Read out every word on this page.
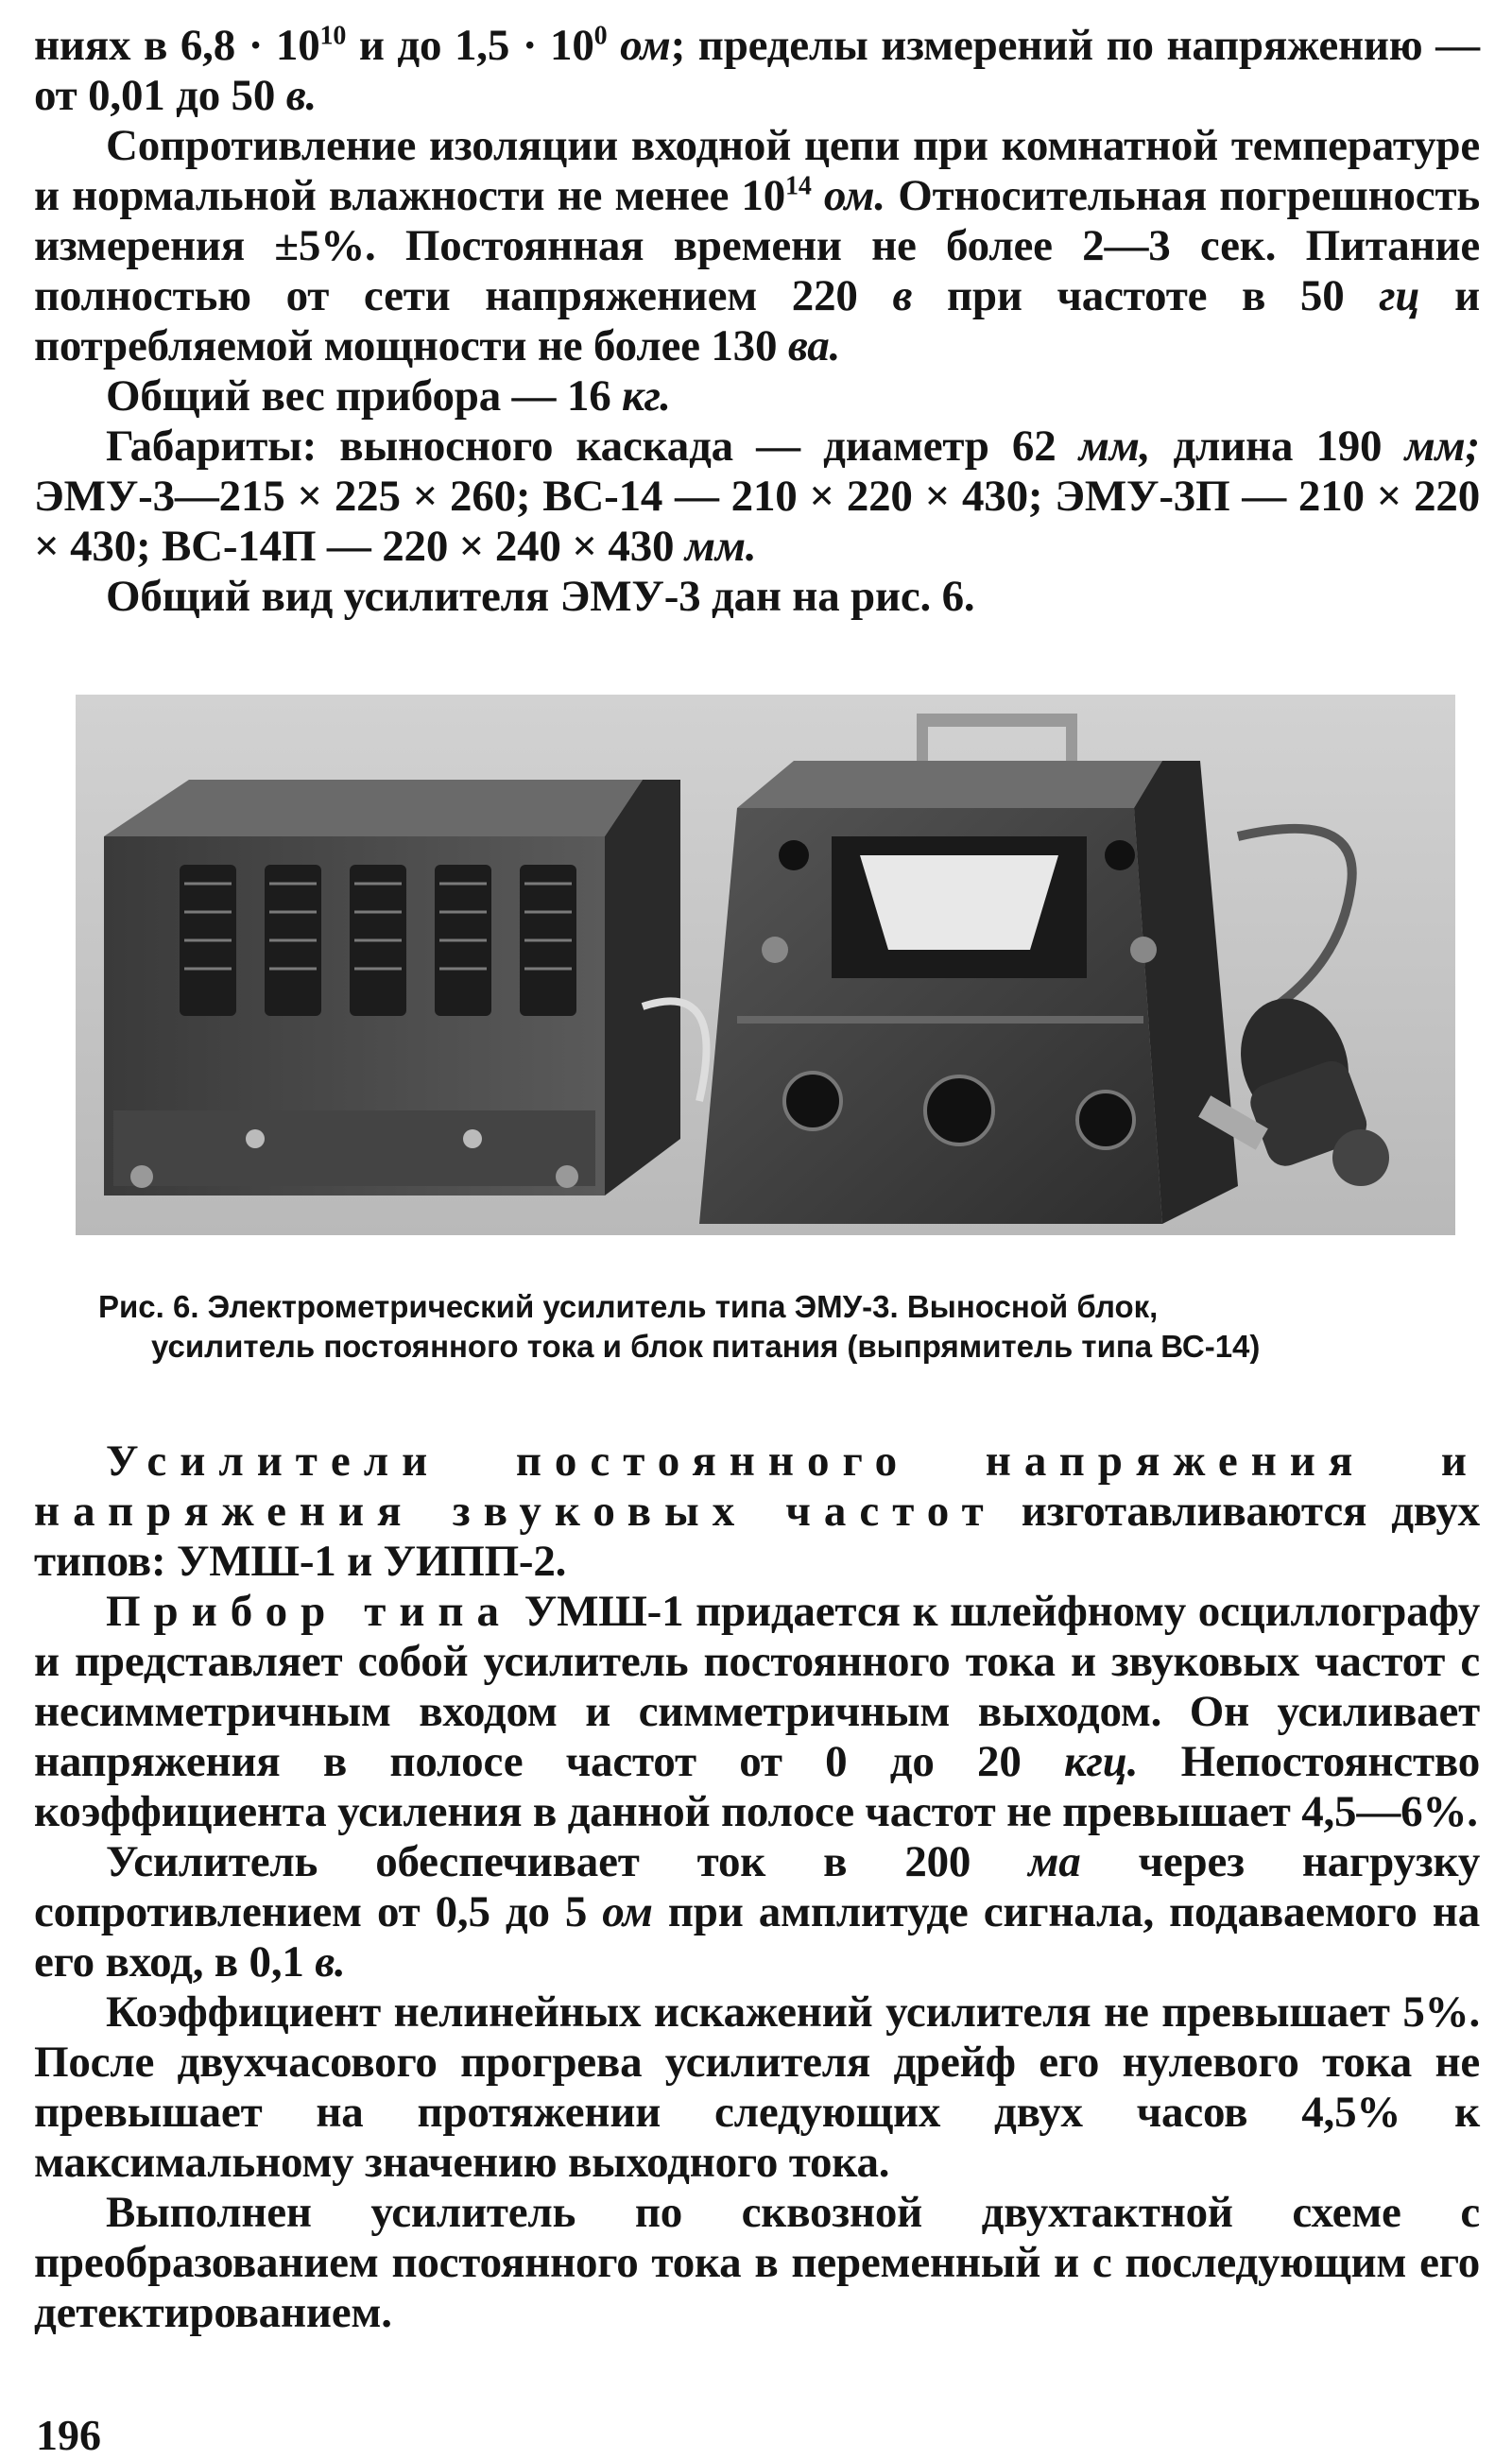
ниях в $6,8 \cdot 10^{10}$ и до $1,5 \cdot 10^0$ ом; пределы измерений по напряжению — от 0,01 до 50 в.

Сопротивление изоляции входной цепи при комнатной температуре и нормальной влажности не менее $10^{14}$ ом. Относительная погрешность измерения ±5%. Постоянная времени не более 2—3 сек. Питание полностью от сети напряжением 220 в при частоте в 50 гц и потребляемой мощности не более 130 ва.

Общий вес прибора — 16 кг.

Габариты: выносного каскада — диаметр 62 мм, длина 190 мм; ЭМУ-3—215 × 225 × 260; ВС-14 — 210 × 220 × 430; ЭМУ-3П — 210 × 220 × 430; ВС-14П — 220 × 240 × 430 мм.

Общий вид усилителя ЭМУ-3 дан на рис. 6.

Рис. 6. Электрометрический усилитель типа ЭМУ-3. Выносной блок,
усилитель постоянного тока и блок питания (выпрямитель типа ВС-14)

Усилители постоянного напряжения и напряжения звуковых частот изготавливаются двух типов: УМШ-1 и УИПП-2.

Прибор типа УМШ-1 придается к шлейфному осциллографу и представляет собой усилитель постоянного тока и звуковых частот с несимметричным входом и симметричным выходом. Он усиливает напряжения в полосе частот от 0 до 20 кгц. Непостоянство коэффициента усиления в данной полосе частот не превышает 4,5—6%.

Усилитель обеспечивает ток в 200 ма через нагрузку сопротивлением от 0,5 до 5 ом при амплитуде сигнала, подаваемого на его вход, в 0,1 в.

Коэффициент нелинейных искажений усилителя не превышает 5%. После двухчасового прогрева усилителя дрейф его нулевого тока не превышает на протяжении следующих двух часов 4,5% к максимальному значению выходного тока.

Выполнен усилитель по сквозной двухтактной схеме с преобразованием постоянного тока в переменный и с последующим его детектированием.

196
